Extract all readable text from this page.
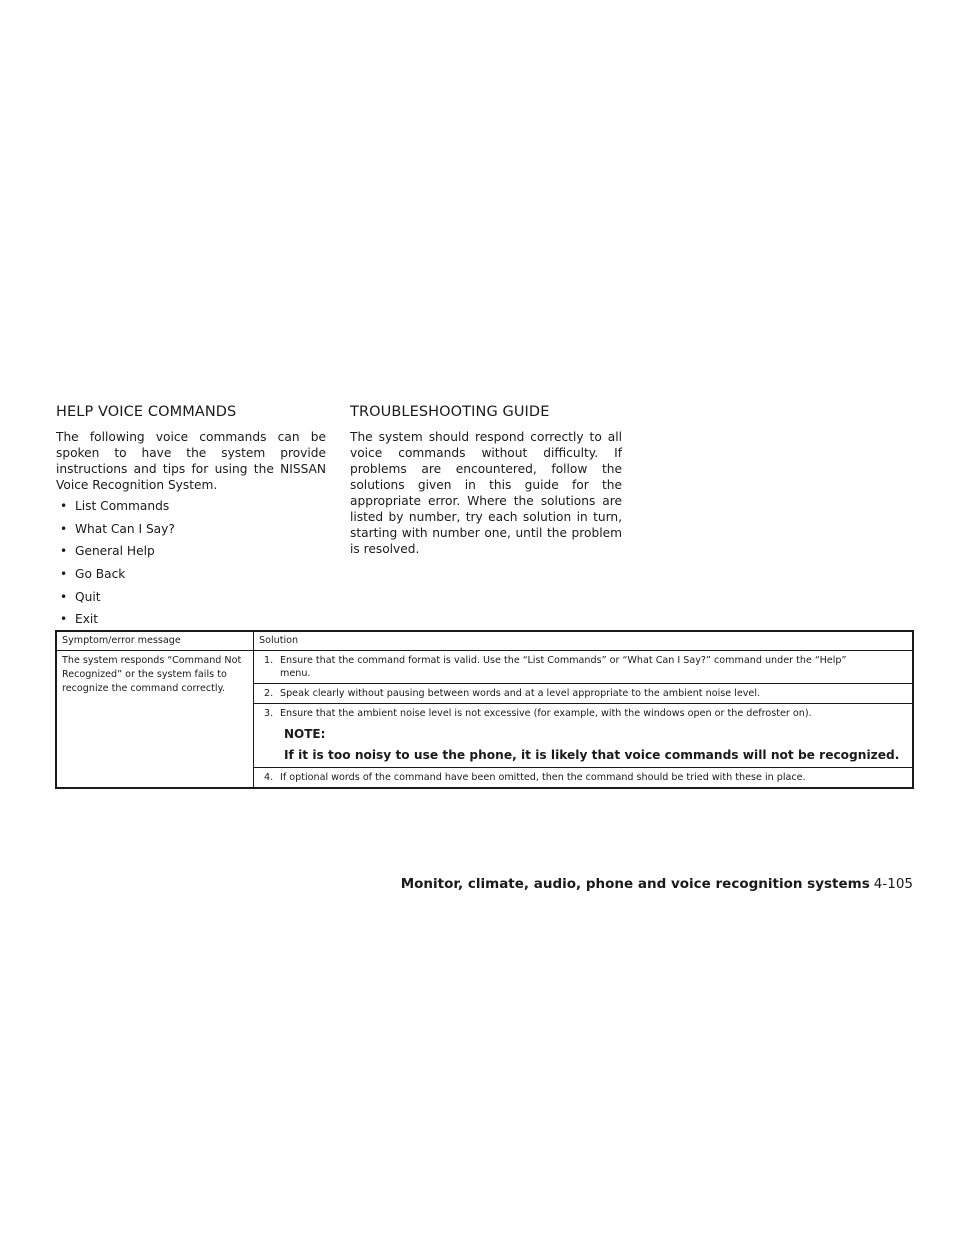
HELP VOICE COMMANDS

The following voice commands can be spoken to have the system provide instructions and tips for using the NISSAN Voice Recognition System.

• List Commands
• What Can I Say?
• General Help
• Go Back
• Quit
• Exit
TROUBLESHOOTING GUIDE

The system should respond correctly to all voice commands without difficulty. If problems are encountered, follow the solutions given in this guide for the appropriate error. Where the solutions are listed by number, try each solution in turn, starting with number one, until the problem is resolved.

Symptom/error message	Solution
The system responds “Command Not Recognized” or the system fails to recognize the command correctly.	1. Ensure that the command format is valid. Use the “List Commands” or “What Can I Say?” command under the “Help”
menu.

	2. Speak clearly without pausing between words and at a level appropriate to the ambient noise level.
	3. Ensure that the ambient noise level is not excessive (for example, with the windows open or the defroster on).
NOTE:
If it is too noisy to use the phone, it is likely that voice commands will not be recognized.

	4. If optional words of the command have been omitted, then the command should be tried with these in place.
Monitor, climate, audio, phone and voice recognition systems 4-105
